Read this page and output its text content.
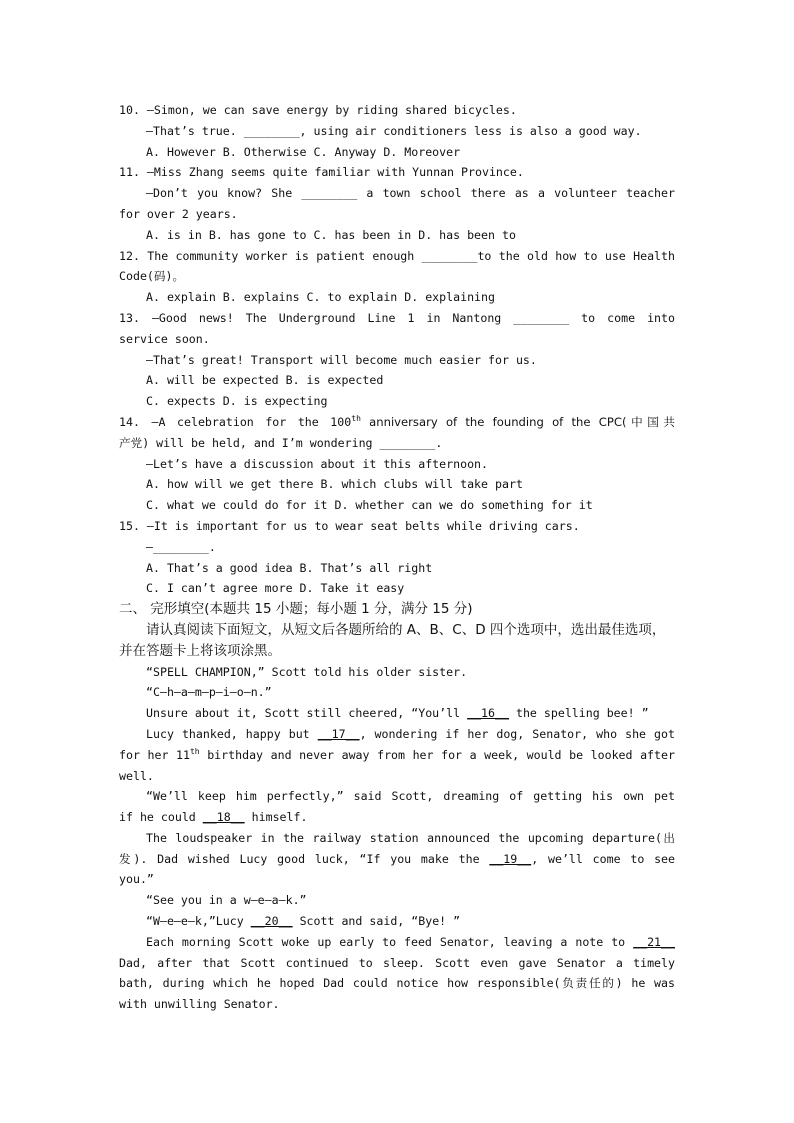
10. —Simon, we can save energy by riding shared bicycles.

—That’s true. ________, using air conditioners less is also a good way.

A. However B. Otherwise C. Anyway D. Moreover

11. —Miss Zhang seems quite familiar with Yunnan Province.

—Don’t you know? She ________ a town school there as a volunteer teacher

for over 2 years.

A. is in B. has gone to C. has been in D. has been to

12. The community worker is patient enough ________to the old how to use Health

Code(码)。

A. explain B. explains C. to explain D. explaining

13. —Good news! The Underground Line 1 in Nantong ________ to come into

service soon.

—That’s great! Transport will become much easier for us.

A. will be expected B. is expected

C. expects D. is expecting

14. —A celebration for the 100th anniversary of the founding of the CPC(中国共

产党) will be held, and I’m wondering ________.

—Let’s have a discussion about it this afternoon.

A. how will we get there B. which clubs will take part

C. what we could do for it D. whether can we do something for it

15. —It is important for us to wear seat belts while driving cars.

—________.

A. That’s a good idea B. That’s all right

C. I can’t agree more D. Take it easy

二、 完形填空(本题共 15 小题；每小题 1 分，满分 15 分)

请认真阅读下面短文，从短文后各题所给的 A、B、C、D 四个选项中，选出最佳选项，

并在答题卡上将该项涂黑。

“SPELL CHAMPION,” Scott told his older sister.

“C—h—a—m—p—i—o—n.”

Unsure about it, Scott still cheered, “You’ll __16__ the spelling bee! ”

Lucy thanked, happy but __17__, wondering if her dog, Senator, who she got

for her 11th birthday and never away from her for a week, would be looked after

well.

“We’ll keep him perfectly,” said Scott, dreaming of getting his own pet

if he could __18__ himself.

The loudspeaker in the railway station announced the upcoming departure(出

发). Dad wished Lucy good luck, “If you make the __19__, we’ll come to see

you.”

“See you in a w—e—a—k.”

“W—e—e—k,”Lucy __20__ Scott and said, “Bye! ”

Each morning Scott woke up early to feed Senator, leaving a note to __21__

Dad, after that Scott continued to sleep. Scott even gave Senator a timely

bath, during which he hoped Dad could notice how responsible(负责任的) he was

with unwilling Senator.
